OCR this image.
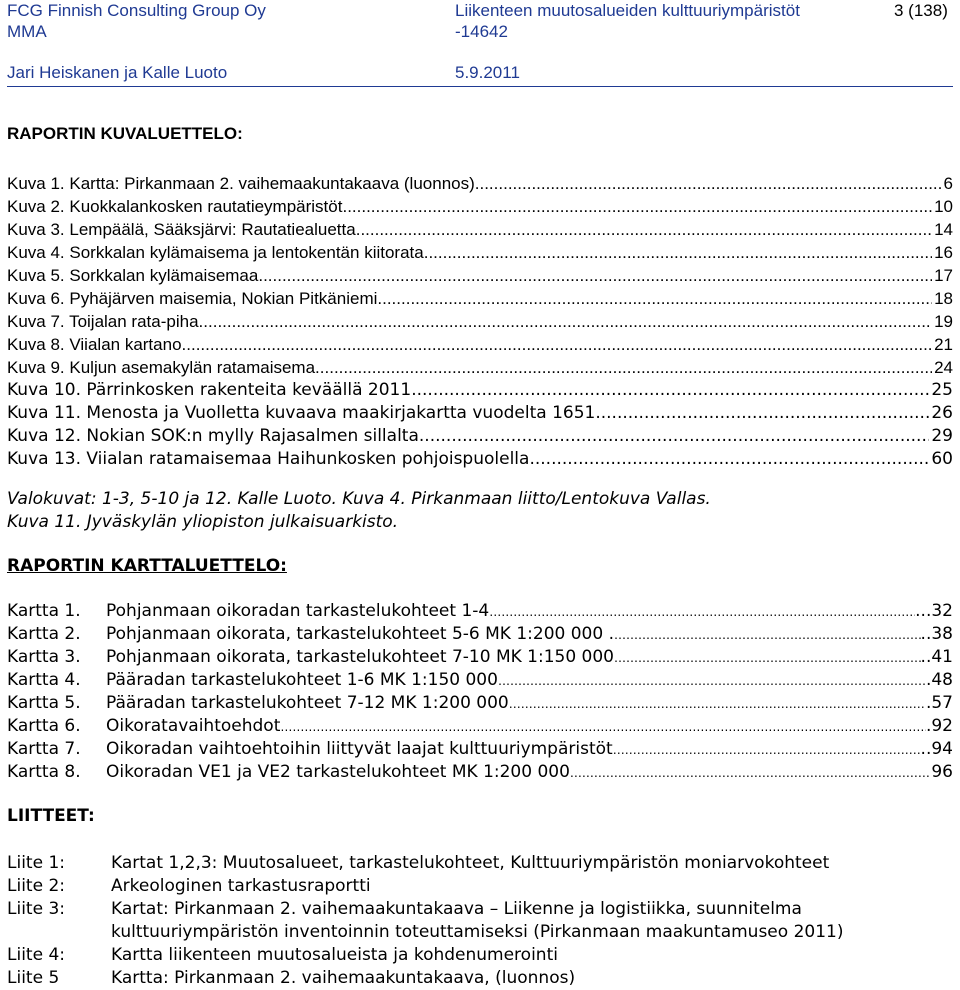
FCG Finnish Consulting Group Oy
MMA
Liikenteen muutosalueiden kulttuuriympäristöt
-14642
3 (138)
Jari Heiskanen ja Kalle Luoto	5.9.2011
RAPORTIN KUVALUETTELO:
Kuva 1. Kartta: Pirkanmaan 2. vaihemaakuntakaava (luonnos) .....	6
Kuva 2. Kuokkalankosken rautatieympäristöt .....	10
Kuva 3. Lempäälä, Sääksjärvi: Rautatiealuetta .....	14
Kuva 4. Sorkkalan kylämaisema ja lentokentän kiitorata .....	16
Kuva 5. Sorkkalan kylämaisemaa .....	17
Kuva 6. Pyhäjärven maisemia, Nokian Pitkäniemi .....	18
Kuva 7. Toijalan rata-piha .....	19
Kuva 8. Viialan kartano .....	21
Kuva 9. Kuljun asemakylän ratamaisema .....	24
Kuva 10. Pärrinkosken rakenteita keväällä 2011 .....	25
Kuva 11. Menosta ja Vuolletta kuvaava maakirjakartta vuodelta 1651 .....	26
Kuva 12. Nokian SOK:n mylly Rajasalmen sillalta .....	29
Kuva 13. Viialan ratamaisemaa Haihunkosken pohjoispuolella .....	60
Valokuvat: 1-3, 5-10 ja 12. Kalle Luoto. Kuva 4. Pirkanmaan liitto/Lentokuva Vallas.
Kuva 11. Jyväskylän yliopiston julkaisuarkisto.
RAPORTIN KARTTALUETTELO:
Kartta 1.	Pohjanmaan oikoradan tarkastelukohteet 1-4 ……………………………………………………………………………………………………………………………………………………………………………	...32
Kartta 2.	Pohjanmaan oikorata, tarkastelukohteet 5-6 MK 1:200 000 . ……………………………………………………………………………………………………………………………………………………………………………	..38
Kartta 3.	Pohjanmaan oikorata, tarkastelukohteet 7-10 MK 1:150 000 ……………………………………………………………………………………………………………………………………………………………………………	..41
Kartta 4.	Pääradan tarkastelukohteet 1-6 MK 1:150 000 ……………………………………………………………………………………………………………………………………………………………………………	.48
Kartta 5.	Pääradan tarkastelukohteet 7-12 MK 1:200 000 ……………………………………………………………………………………………………………………………………………………………………………	.57
Kartta 6.	Oikoratavaihtoehdot ……………………………………………………………………………………………………………………………………………………………………………	.92
Kartta 7.	Oikoradan vaihtoehtoihin liittyvät laajat kulttuuriympäristöt ……………………………………………………………………………………………………………………………………………………………………………	..94
Kartta 8.	Oikoradan VE1 ja VE2 tarkastelukohteet MK 1:200 000 ……………………………………………………………………………………………………………………………………………………………………………	96
LIITTEET:
Liite 1:	Kartat 1,2,3: Muutosalueet, tarkastelukohteet, Kulttuuriympäristön moniarvokohteet
Liite 2:	Arkeologinen tarkastusraportti
Liite 3:	Kartat: Pirkanmaan 2. vaihemaakuntakaava – Liikenne ja logistiikka, suunnitelma kulttuuriympäristön inventoinnin toteuttamiseksi (Pirkanmaan maakuntamuseo 2011)
Liite 4:	Kartta liikenteen muutosalueista ja kohdenumerointi
Liite 5	Kartta: Pirkanmaan 2. vaihemaakuntakaava, (luonnos)
